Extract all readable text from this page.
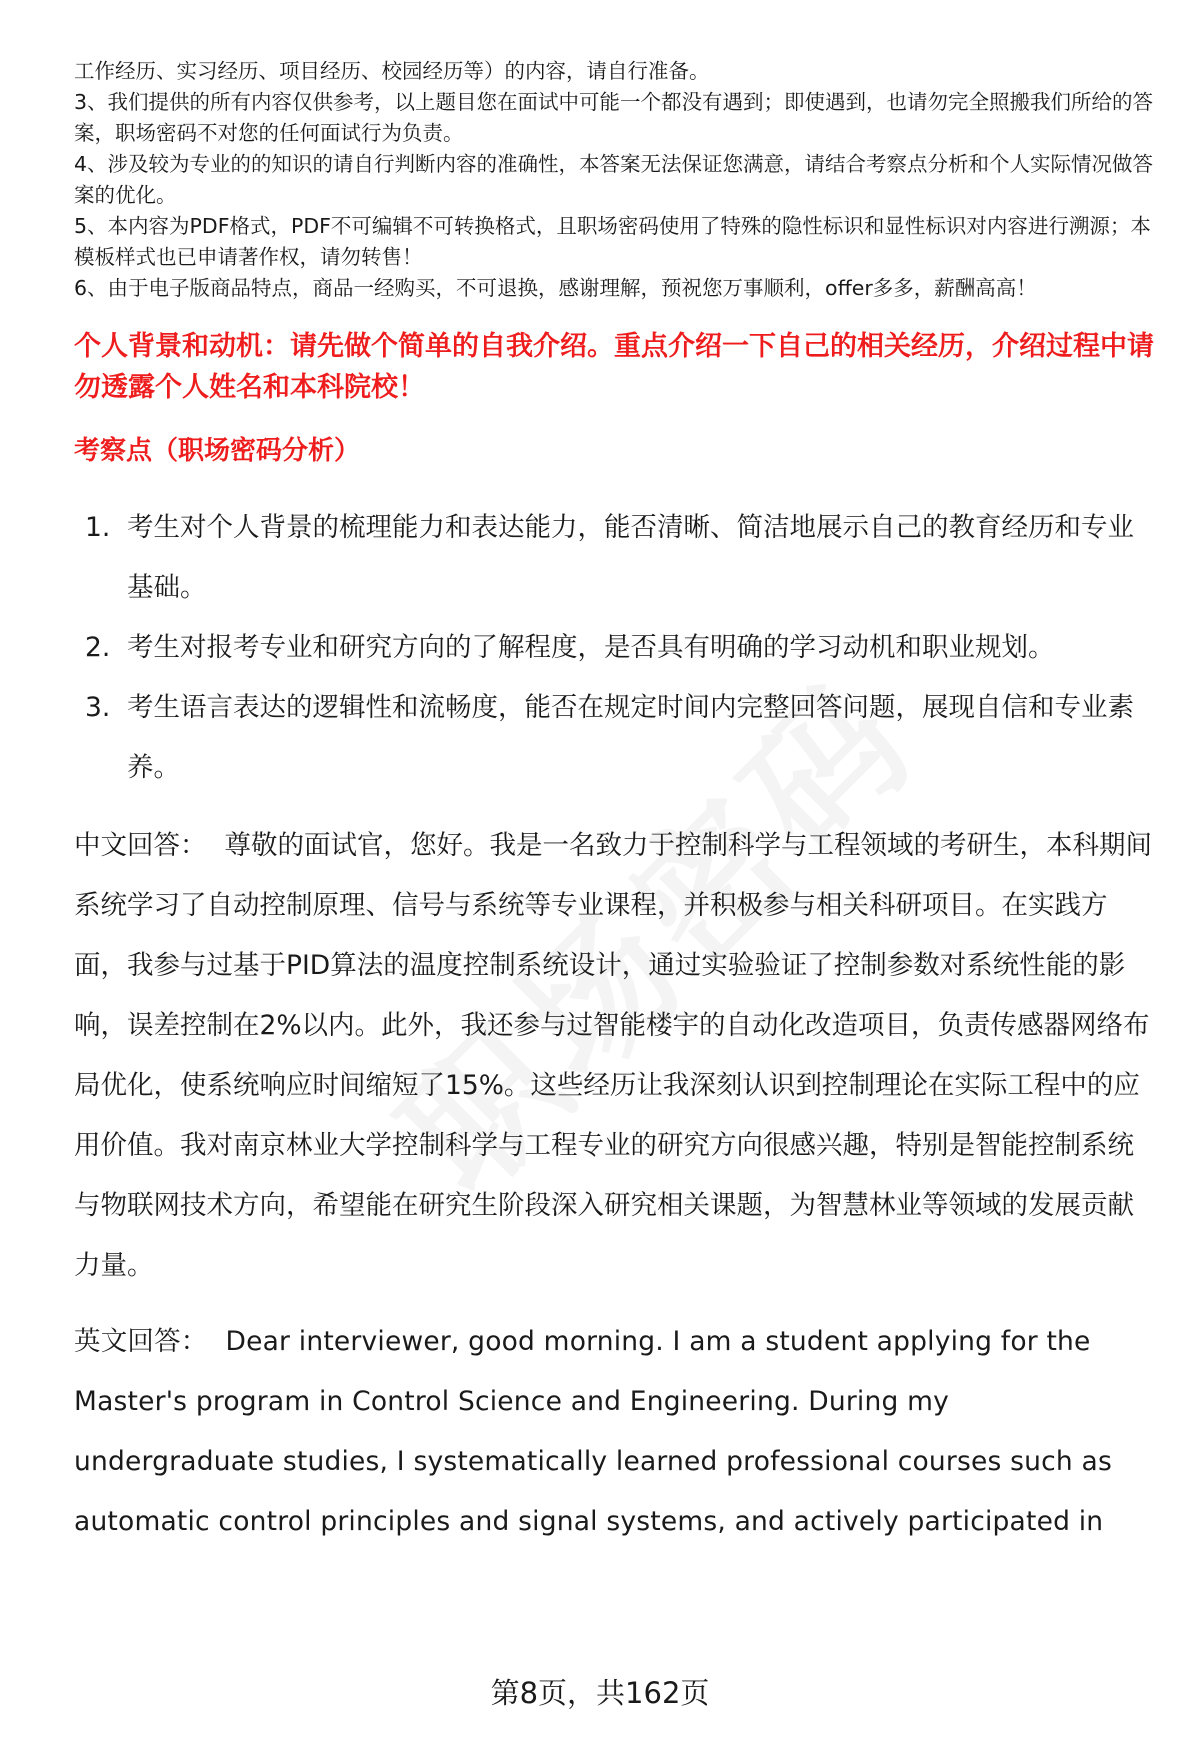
工作经历、实习经历、项目经历、校园经历等）的内容，请自行准备。

3、我们提供的所有内容仅供参考，以上题目您在面试中可能一个都没有遇到；即使遇到，也请勿完全照搬我们所给的答案，职场密码不对您的任何面试行为负责。

4、涉及较为专业的的知识的请自行判断内容的准确性，本答案无法保证您满意，请结合考察点分析和个人实际情况做答案的优化。

5、本内容为PDF格式，PDF不可编辑不可转换格式，且职场密码使用了特殊的隐性标识和显性标识对内容进行溯源；本模板样式也已申请著作权，请勿转售！

6、由于电子版商品特点，商品一经购买，不可退换，感谢理解，预祝您万事顺利，offer多多，薪酬高高！

个人背景和动机：请先做个简单的自我介绍。重点介绍一下自己的相关经历，介绍过程中请勿透露个人姓名和本科院校！

考察点（职场密码分析）

1. 考生对个人背景的梳理能力和表达能力，能否清晰、简洁地展示自己的教育经历和专业基础。
2. 考生对报考专业和研究方向的了解程度，是否具有明确的学习动机和职业规划。
3. 考生语言表达的逻辑性和流畅度，能否在规定时间内完整回答问题，展现自信和专业素养。

中文回答： 尊敬的面试官，您好。我是一名致力于控制科学与工程领域的考研生，本科期间系统学习了自动控制原理、信号与系统等专业课程，并积极参与相关科研项目。在实践方面，我参与过基于PID算法的温度控制系统设计，通过实验验证了控制参数对系统性能的影响，误差控制在2%以内。此外，我还参与过智能楼宇的自动化改造项目，负责传感器网络布局优化，使系统响应时间缩短了15%。这些经历让我深刻认识到控制理论在实际工程中的应用价值。我对南京林业大学控制科学与工程专业的研究方向很感兴趣，特别是智能控制系统与物联网技术方向，希望能在研究生阶段深入研究相关课题，为智慧林业等领域的发展贡献力量。

英文回答： Dear interviewer, good morning. I am a student applying for the Master's program in Control Science and Engineering. During my undergraduate studies, I systematically learned professional courses such as automatic control principles and signal systems, and actively participated in

第8页，共162页
